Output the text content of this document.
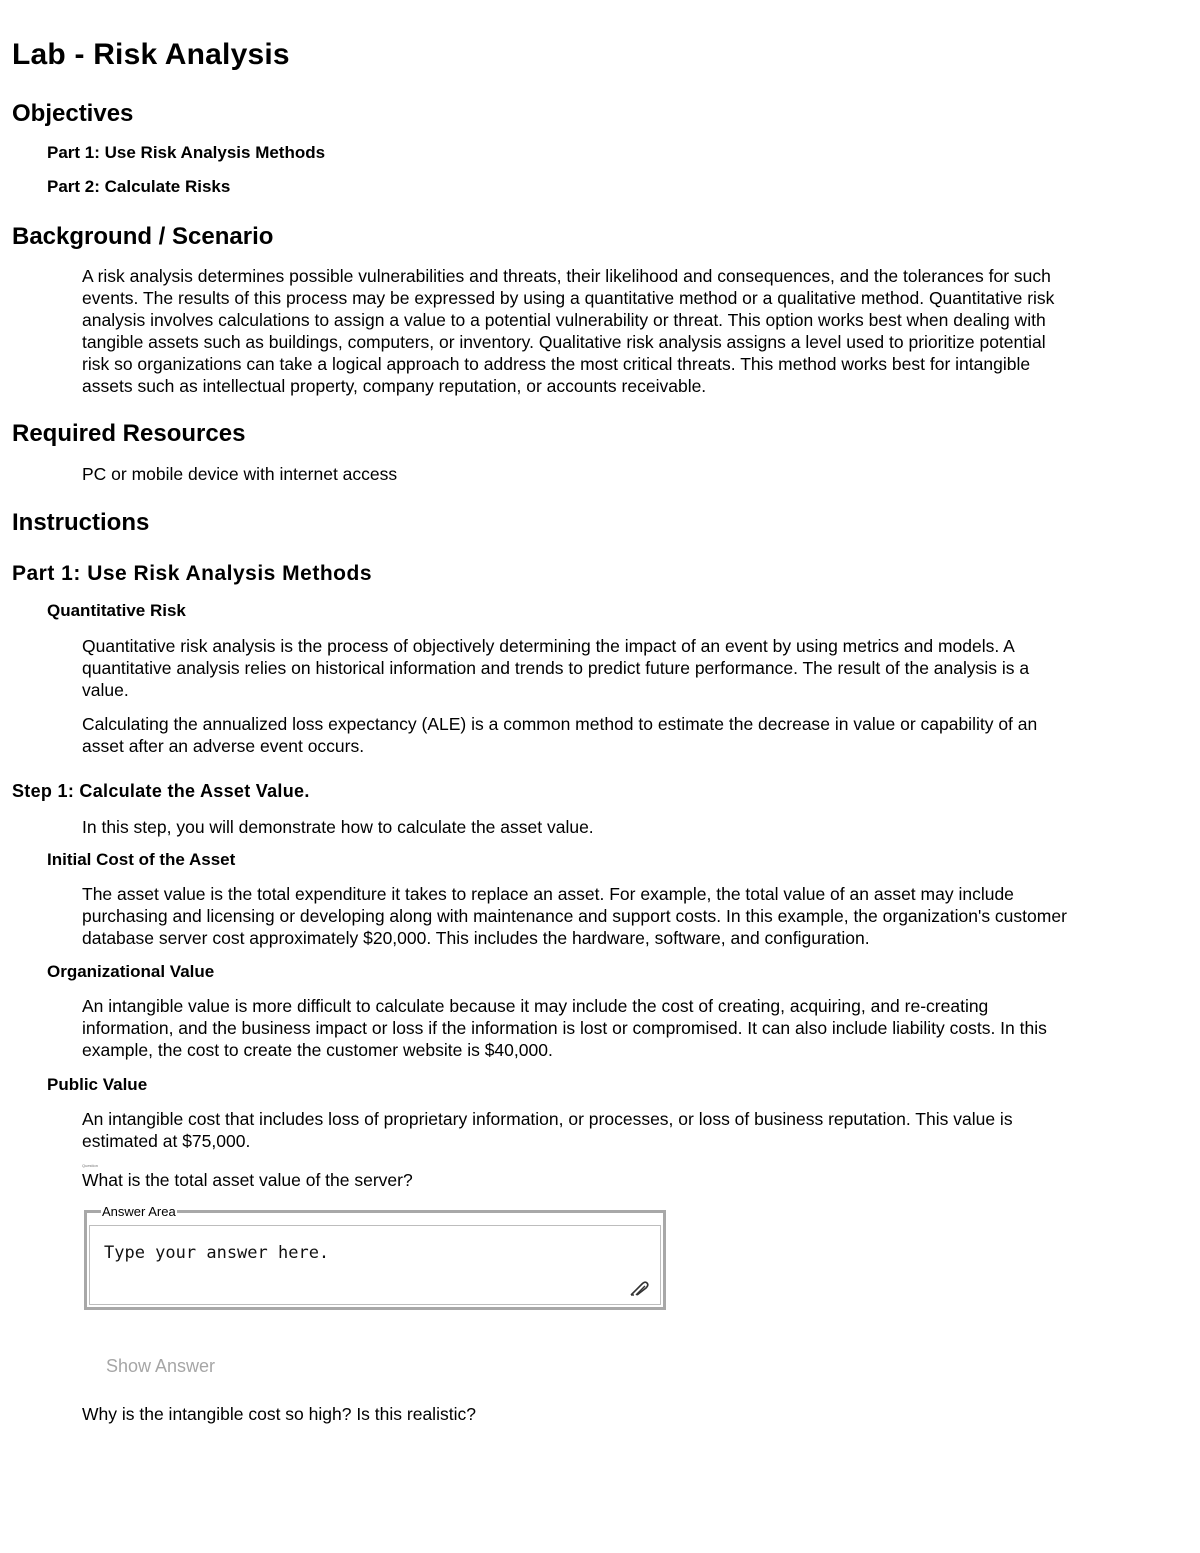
Lab - Risk Analysis
Objectives
Part 1: Use Risk Analysis Methods
Part 2: Calculate Risks
Background / Scenario
A risk analysis determines possible vulnerabilities and threats, their likelihood and consequences, and the tolerances for such
events. The results of this process may be expressed by using a quantitative method or a qualitative method. Quantitative risk
analysis involves calculations to assign a value to a potential vulnerability or threat. This option works best when dealing with
tangible assets such as buildings, computers, or inventory. Qualitative risk analysis assigns a level used to prioritize potential
risk so organizations can take a logical approach to address the most critical threats. This method works best for intangible
assets such as intellectual property, company reputation, or accounts receivable.
Required Resources
PC or mobile device with internet access
Instructions
Part 1: Use Risk Analysis Methods
Quantitative Risk
Quantitative risk analysis is the process of objectively determining the impact of an event by using metrics and models. A
quantitative analysis relies on historical information and trends to predict future performance. The result of the analysis is a
value.
Calculating the annualized loss expectancy (ALE) is a common method to estimate the decrease in value or capability of an
asset after an adverse event occurs.
Step 1: Calculate the Asset Value.
In this step, you will demonstrate how to calculate the asset value.
Initial Cost of the Asset
The asset value is the total expenditure it takes to replace an asset. For example, the total value of an asset may include
purchasing and licensing or developing along with maintenance and support costs. In this example, the organization's customer
database server cost approximately $20,000. This includes the hardware, software, and configuration.
Organizational Value
An intangible value is more difficult to calculate because it may include the cost of creating, acquiring, and re-creating
information, and the business impact or loss if the information is lost or compromised. It can also include liability costs. In this
example, the cost to create the customer website is $40,000.
Public Value
An intangible cost that includes loss of proprietary information, or processes, or loss of business reputation. This value is
estimated at $75,000.
Question
What is the total asset value of the server?
Answer Area
Type your answer here.
Show Answer
Why is the intangible cost so high? Is this realistic?
